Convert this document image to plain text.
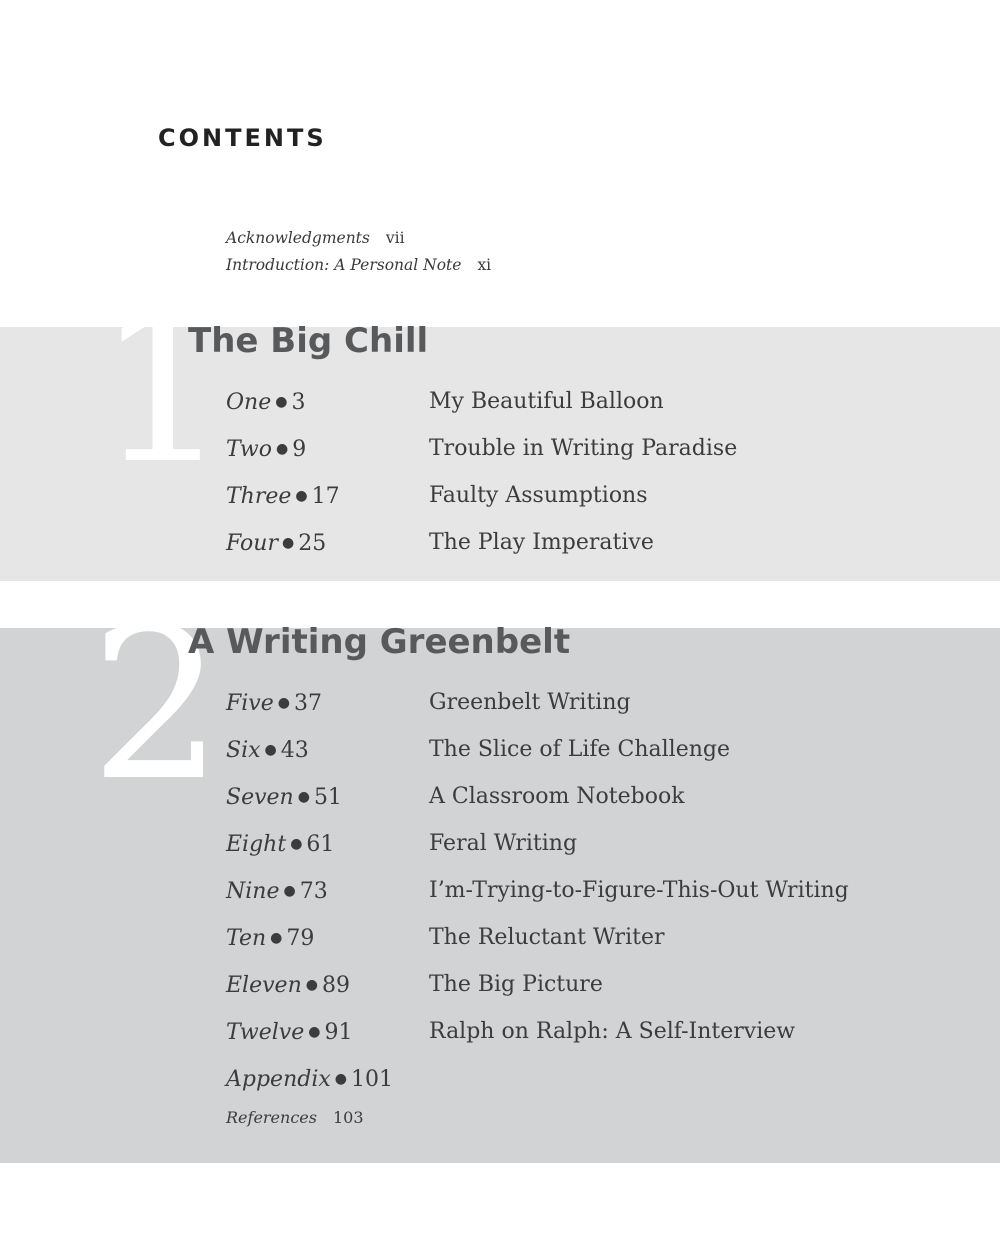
CONTENTS
Acknowledgments vii
Introduction: A Personal Note xi
1
The Big Chill
One ● 3	My Beautiful Balloon
Two ● 9	Trouble in Writing Paradise
Three ● 17	Faulty Assumptions
Four ● 25	The Play Imperative
2
A Writing Greenbelt
Five ● 37	Greenbelt Writing
Six ● 43	The Slice of Life Challenge
Seven ● 51	A Classroom Notebook
Eight ● 61	Feral Writing
Nine ● 73	I’m-Trying-to-Figure-This-Out Writing
Ten ● 79	The Reluctant Writer
Eleven ● 89	The Big Picture
Twelve ● 91	Ralph on Ralph: A Self-Interview
Appendix ● 101
References 103
